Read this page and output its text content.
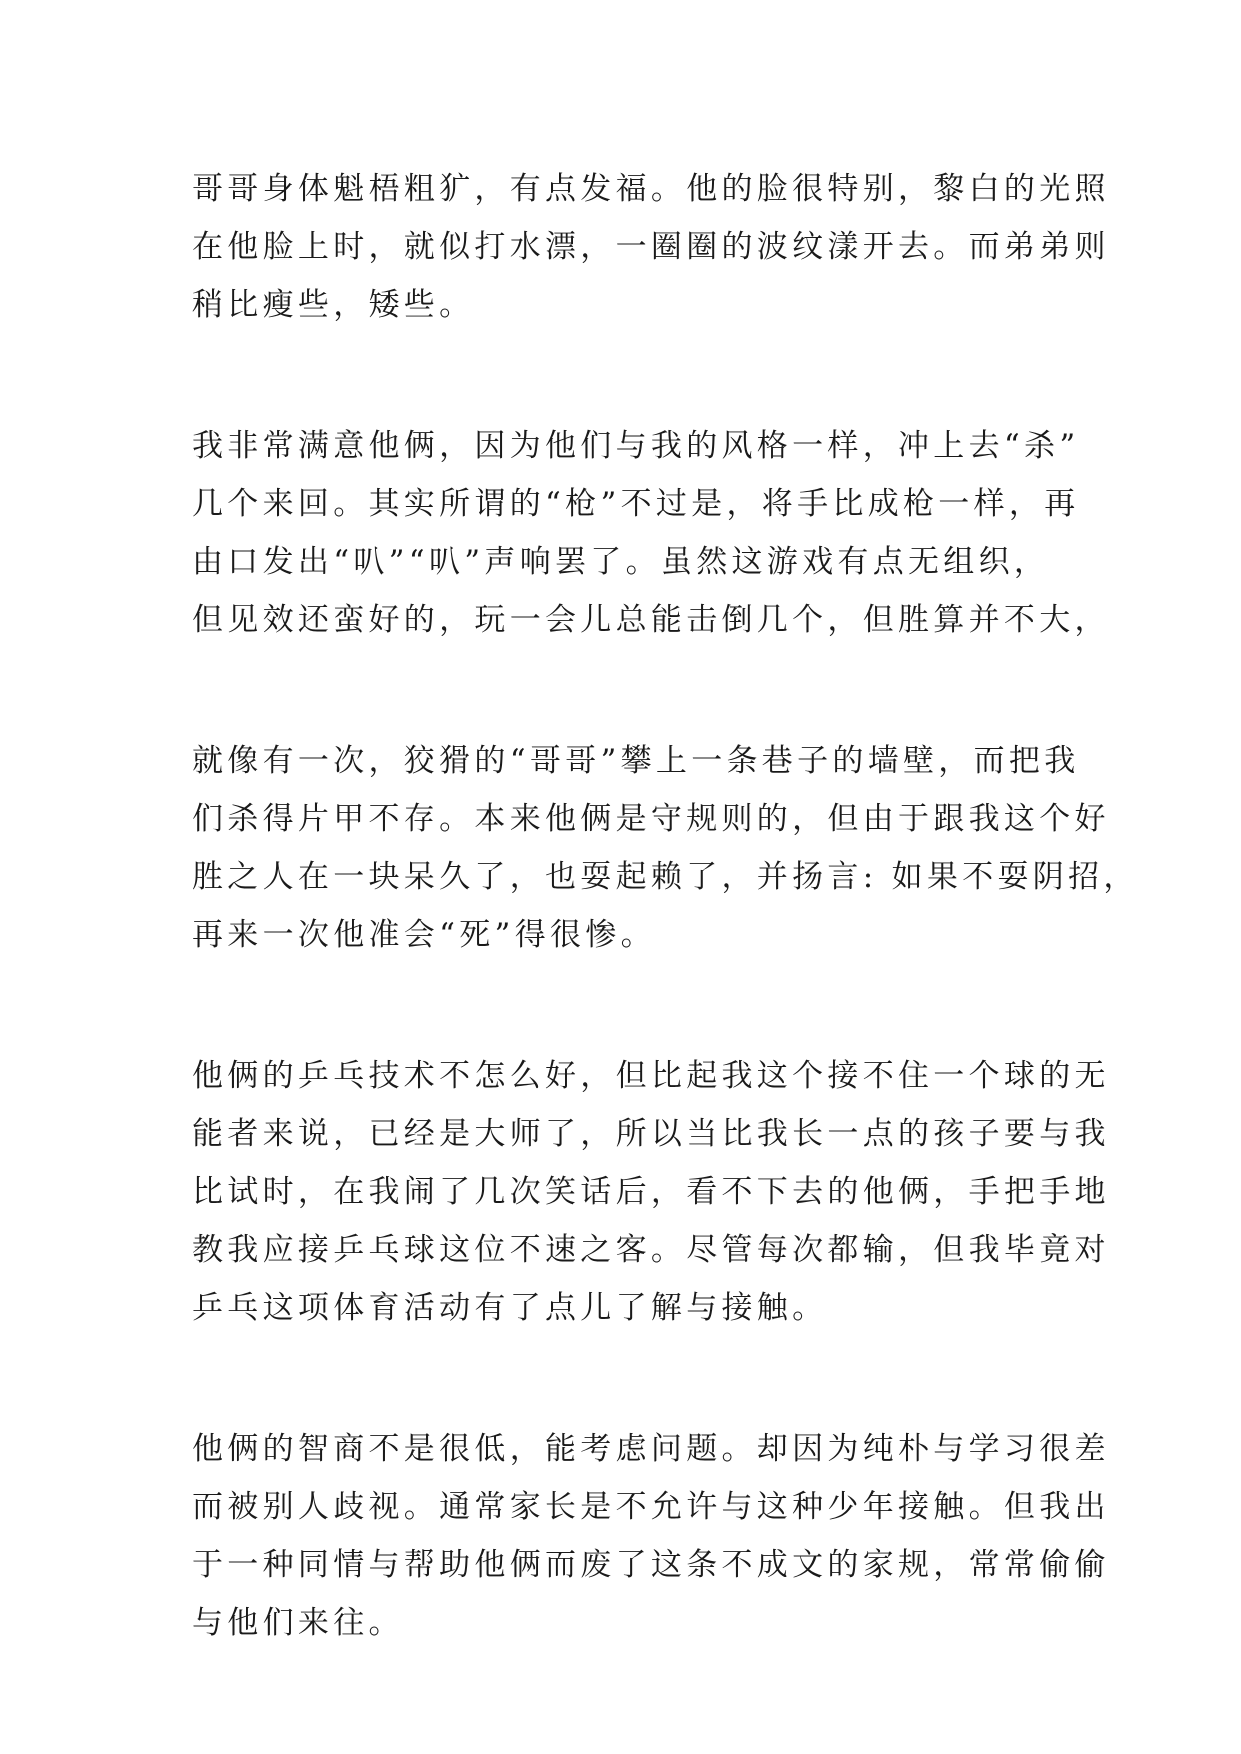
哥哥身体魁梧粗犷，有点发福。他的脸很特别，黎白的光照
在他脸上时，就似打水漂，一圈圈的波纹漾开去。而弟弟则
稍比瘦些，矮些。

我非常满意他俩，因为他们与我的风格一样，冲上去“杀”
几个来回。其实所谓的“枪”不过是，将手比成枪一样，再
由口发出“叭”“叭”声响罢了。虽然这游戏有点无组织，
但见效还蛮好的，玩一会儿总能击倒几个，但胜算并不大，

就像有一次，狡猾的“哥哥”攀上一条巷子的墙壁，而把我
们杀得片甲不存。本来他俩是守规则的，但由于跟我这个好
胜之人在一块呆久了，也耍起赖了，并扬言: 如果不耍阴招，
再来一次他准会“死”得很惨。

他俩的乒乓技术不怎么好，但比起我这个接不住一个球的无
能者来说，已经是大师了，所以当比我长一点的孩子要与我
比试时，在我闹了几次笑话后，看不下去的他俩，手把手地
教我应接乒乓球这位不速之客。尽管每次都输，但我毕竟对
乒乓这项体育活动有了点儿了解与接触。

他俩的智商不是很低，能考虑问题。却因为纯朴与学习很差
而被别人歧视。通常家长是不允许与这种少年接触。但我出
于一种同情与帮助他俩而废了这条不成文的家规，常常偷偷
与他们来往。
